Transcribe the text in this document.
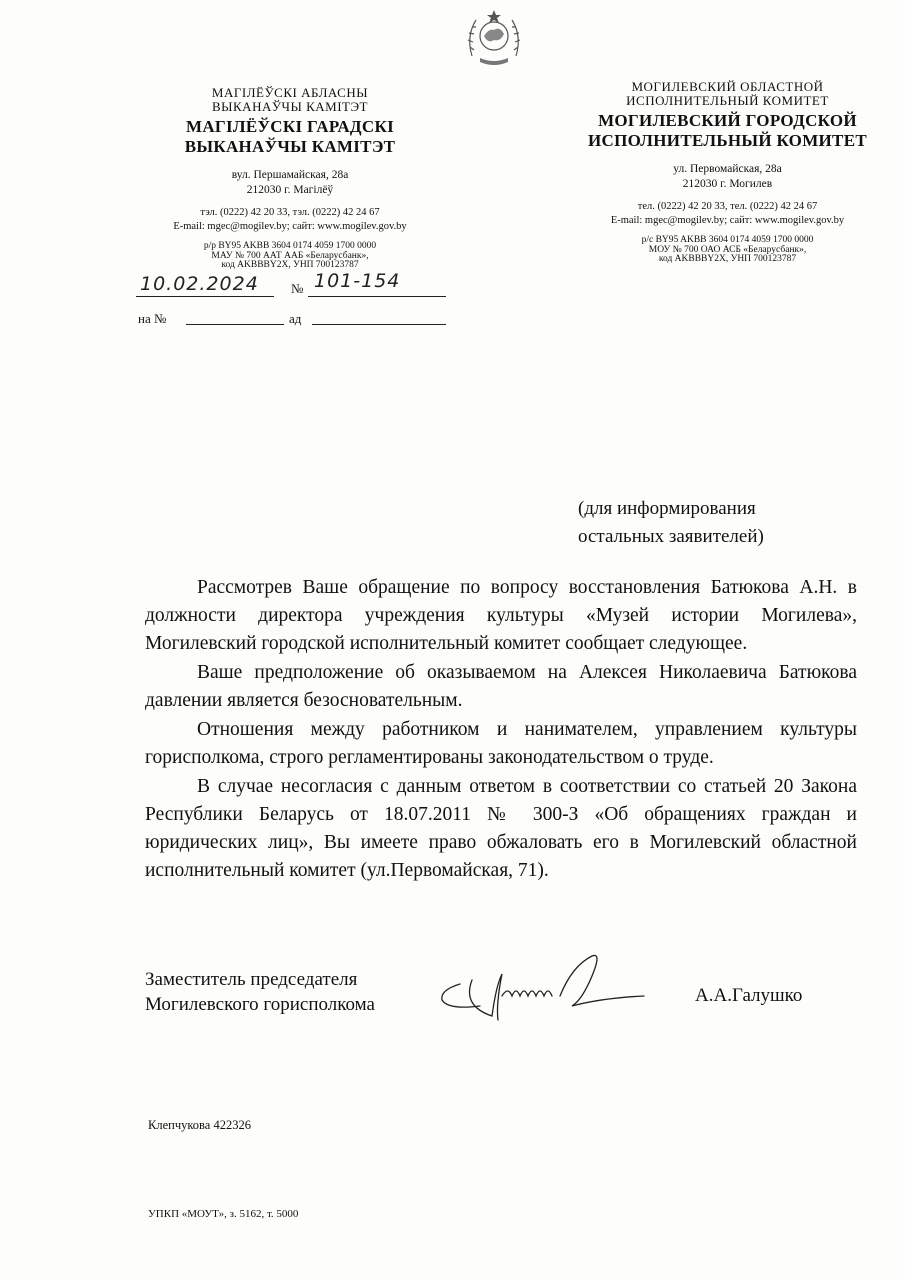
МАГІЛЁЎСКІ АБЛАСНЫ
ВЫКАНАЎЧЫ КАМІТЭТ
МАГІЛЁЎСКІ ГАРАДСКІ
ВЫКАНАЎЧЫ КАМІТЭТ
вул. Першамайская, 28а
212030 г. Магілёў
тэл. (0222) 42 20 33, тэл. (0222) 42 24 67
E-mail: mgec@mogilev.by; сайт: www.mogilev.gov.by
р/р BY95 AKBB 3604 0174 4059 1700 0000
МАУ № 700 ААТ ААБ «Беларусбанк»,
код AKBBBY2X, УНП 700123787
МОГИЛЕВСКИЙ ОБЛАСТНОЙ
ИСПОЛНИТЕЛЬНЫЙ КОМИТЕТ
МОГИЛЕВСКИЙ ГОРОДСКОЙ
ИСПОЛНИТЕЛЬНЫЙ КОМИТЕТ
ул. Первомайская, 28а
212030 г. Могилев
тел. (0222) 42 20 33, тел. (0222) 42 24 67
E-mail: mgec@mogilev.by; сайт: www.mogilev.gov.by
р/с BY95 AKBB 3604 0174 4059 1700 0000
МОУ № 700 ОАО АСБ «Беларусбанк»,
код AKBBBY2X, УНП 700123787
10.02.2024 № 101-154
на №	ад
(для информирования
остальных заявителей)

Рассмотрев Ваше обращение по вопросу восстановления Батюкова А.Н. в должности директора учреждения культуры «Музей истории Могилева», Могилевский городской исполнительный комитет сообщает следующее.

Ваше предположение об оказываемом на Алексея Николаевича Батюкова давлении является безосновательным.

Отношения между работником и нанимателем, управлением культуры горисполкома, строго регламентированы законодательством о труде.

В случае несогласия с данным ответом в соответствии со статьей 20 Закона Республики Беларусь от 18.07.2011 № 300-З «Об обращениях граждан и юридических лиц», Вы имеете право обжаловать его в Могилевский областной исполнительный комитет (ул.Первомайская, 71).

Заместитель председателя
Могилевского горисполкома	А.А.Галушко
Клепчукова 422326
УПКП «МОУТ», з. 5162, т. 5000
